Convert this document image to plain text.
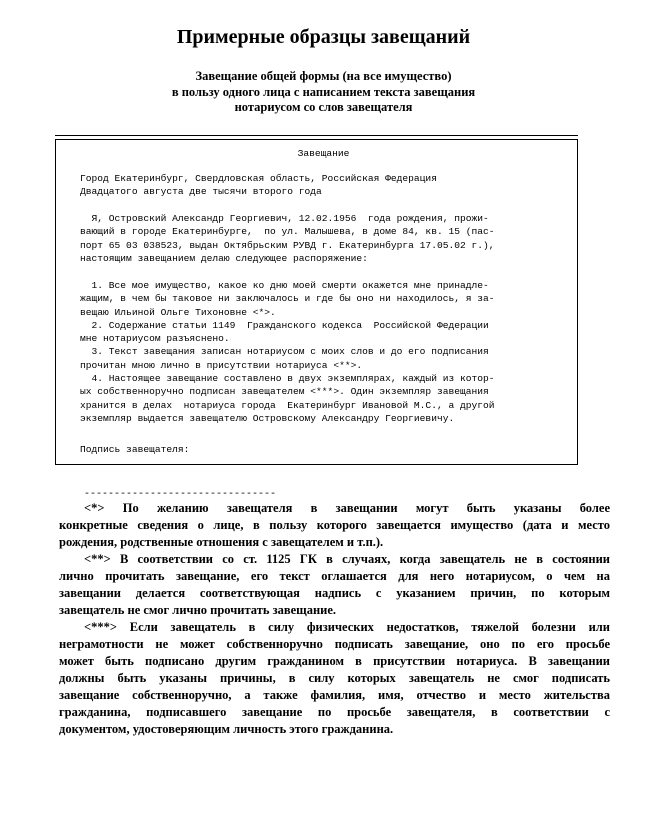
Примерные образцы завещаний
Завещание общей формы (на все имущество)
в пользу одного лица с написанием текста завещания
нотариусом со слов завещателя
Завещание
Город Екатеринбург, Свердловская область, Российская Федерация
Двадцатого августа две тысячи второго года
Я, Островский Александр Георгиевич, 12.02.1956  года рождения, прожи-
вающий в городе Екатеринбурге,  по ул. Малышева, в доме 84, кв. 15 (пас-
порт 65 03 038523, выдан Октябрьским РУВД г. Екатеринбурга 17.05.02 г.),
настоящим завещанием делаю следующее распоряжение:
1. Все мое имущество, какое ко дню моей смерти окажется мне принадле-
жащим, в чем бы таковое ни заключалось и где бы оно ни находилось, я за-
вещаю Ильиной Ольге Тихоновне <*>.
2. Содержание статьи 1149  Гражданского кодекса  Российской Федерации
мне нотариусом разъяснено.
3. Текст завещания записан нотариусом с моих слов и до его подписания
прочитан мною лично в присутствии нотариуса <**>.
4. Настоящее завещание составлено в двух экземплярах, каждый из котор-
ых собственноручно подписан завещателем <***>. Один экземпляр завещания
хранится в делах  нотариуса города  Екатеринбург Ивановой М.С., а другой
экземпляр выдается завещателю Островскому Александру Георгиевичу.
Подпись завещателя:
--------------------------------
<*> По желанию завещателя в завещании могут быть указаны более
конкретные сведения о лице, в пользу которого завещается имущество (дата и место
рождения, родственные отношения с завещателем и т.п.).
<**> В соответствии со ст. 1125 ГК в случаях, когда завещатель не в состоянии
лично прочитать завещание, его текст оглашается для него нотариусом, о чем на
завещании делается соответствующая надпись с указанием причин, по которым
завещатель не смог лично прочитать завещание.
<***> Если завещатель в силу физических недостатков, тяжелой болезни или
неграмотности не может собственноручно подписать завещание, оно по его просьбе
может быть подписано другим гражданином в присутствии нотариуса. В завещании
должны быть указаны причины, в силу которых завещатель не смог подписать
завещание собственноручно, а также фамилия, имя, отчество и место жительства
гражданина, подписавшего завещание по просьбе завещателя, в соответствии с
документом, удостоверяющим личность этого гражданина.
